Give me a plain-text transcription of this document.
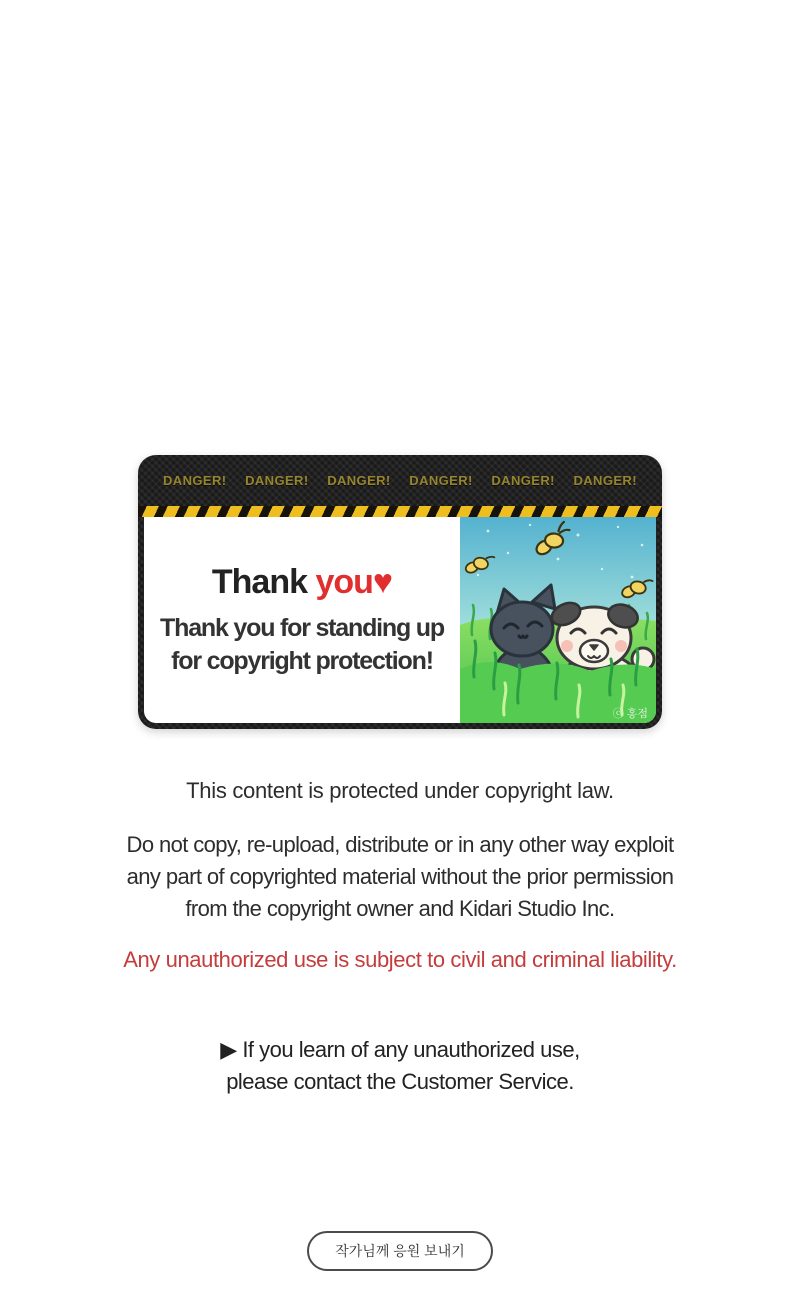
DANGER! DANGER! DANGER! DANGER! DANGER! DANGER!
Thank you♥
Thank you for standing up
for copyright protection!
ⓒ 홍점
This content is protected under copyright law.
Do not copy, re-upload, distribute or in any other way exploit
any part of copyrighted material without the prior permission
from the copyright owner and Kidari Studio Inc.
Any unauthorized use is subject to civil and criminal liability.
▶ If you learn of any unauthorized use,
please contact the Customer Service.
작가님께 응원 보내기
